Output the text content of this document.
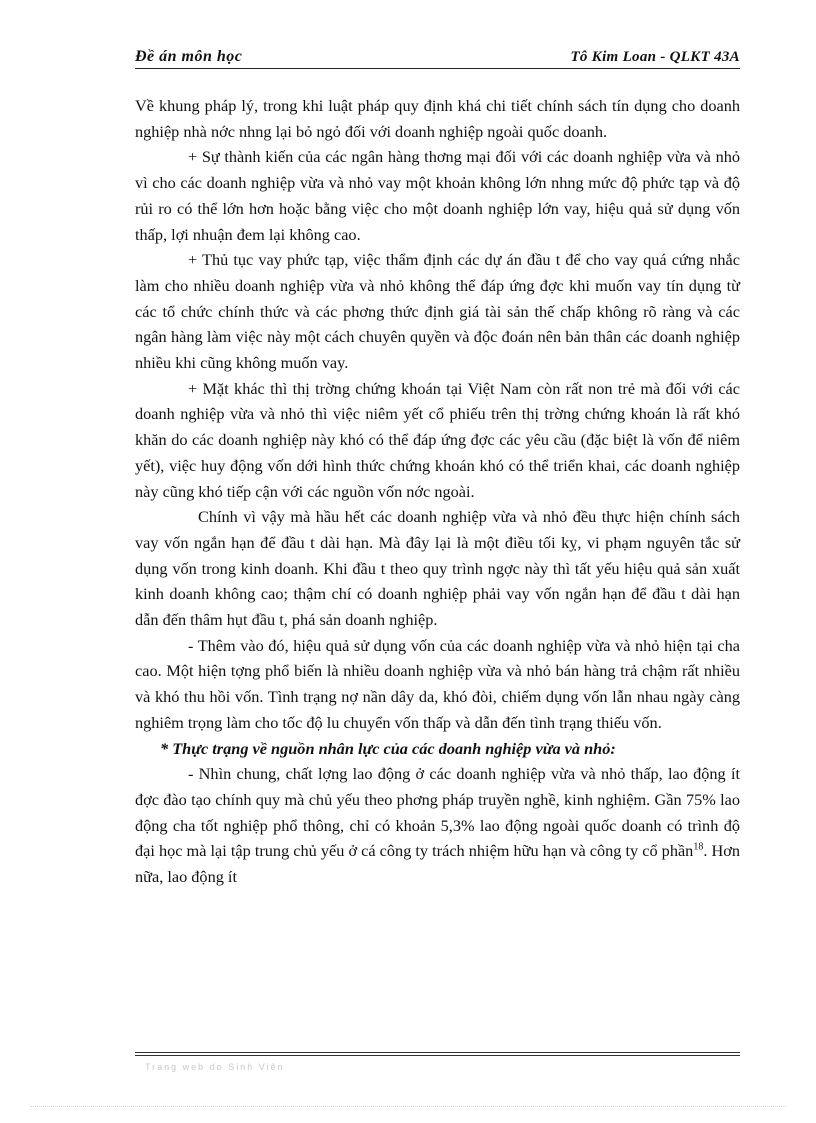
Đề án môn học	Tô Kim Loan - QLKT 43A

Về khung pháp lý, trong khi luật pháp quy định khá chi tiết chính sách tín dụng cho doanh nghiệp nhà nớc nhng lại bỏ ngỏ đối với doanh nghiệp ngoài quốc doanh.

+ Sự thành kiến của các ngân hàng thơng mại đối với các doanh nghiệp vừa và nhỏ vì cho các doanh nghiệp vừa và nhỏ vay một khoản không lớn nhng mức độ phức tạp và độ rủi ro có thể lớn hơn hoặc bằng việc cho một doanh nghiệp lớn vay, hiệu quả sử dụng vốn thấp, lợi nhuận đem lại không cao.

+ Thủ tục vay phức tạp, việc thẩm định các dự án đầu t để cho vay quá cứng nhắc làm cho nhiều doanh nghiệp vừa và nhỏ không thể đáp ứng đợc khi muốn vay tín dụng từ các tổ chức chính thức và các phơng thức định giá tài sản thế chấp không rõ ràng và các ngân hàng làm việc này một cách chuyên quyền và độc đoán nên bản thân các doanh nghiệp nhiều khi cũng không muốn vay.

+ Mặt khác thì thị trờng chứng khoán tại Việt Nam còn rất non trẻ mà đối với các doanh nghiệp vừa và nhỏ thì việc niêm yết cổ phiếu trên thị trờng chứng khoán là rất khó khăn do các doanh nghiệp này khó có thể đáp ứng đợc các yêu cầu (đặc biệt là vốn để niêm yết), việc huy động vốn dới hình thức chứng khoán khó có thể triển khai, các doanh nghiệp này cũng khó tiếp cận với các nguồn vốn nớc ngoài.

Chính vì vậy mà hầu hết các doanh nghiệp vừa và nhỏ đều thực hiện chính sách vay vốn ngắn hạn để đầu t dài hạn. Mà đây lại là một điều tối kỵ, vi phạm nguyên tắc sử dụng vốn trong kinh doanh. Khi đầu t theo quy trình ngợc này thì tất yếu hiệu quả sản xuất kinh doanh không cao; thậm chí có doanh nghiệp phải vay vốn ngắn hạn để đầu t dài hạn dẫn đến thâm hụt đầu t, phá sản doanh nghiệp.

- Thêm vào đó, hiệu quả sử dụng vốn của các doanh nghiệp vừa và nhỏ hiện tại cha cao. Một hiện tợng phổ biến là nhiều doanh nghiệp vừa và nhỏ bán hàng trả chậm rất nhiều và khó thu hồi vốn. Tình trạng nợ nần dây da, khó đòi, chiếm dụng vốn lẫn nhau ngày càng nghiêm trọng làm cho tốc độ lu chuyển vốn thấp và dẫn đến tình trạng thiếu vốn.

* Thực trạng về nguồn nhân lực của các doanh nghiệp vừa và nhỏ:

- Nhìn chung, chất lợng lao động ở các doanh nghiệp vừa và nhỏ thấp, lao động ít đợc đào tạo chính quy mà chủ yếu theo phơng pháp truyền nghề, kinh nghiệm. Gần 75% lao động cha tốt nghiệp phổ thông, chỉ có khoản 5,3% lao động ngoài quốc doanh có trình độ đại học mà lại tập trung chủ yếu ở cá công ty trách nhiệm hữu hạn và công ty cổ phần$^{18}$. Hơn nữa, lao động ít

Trang web do Sinh Viên
